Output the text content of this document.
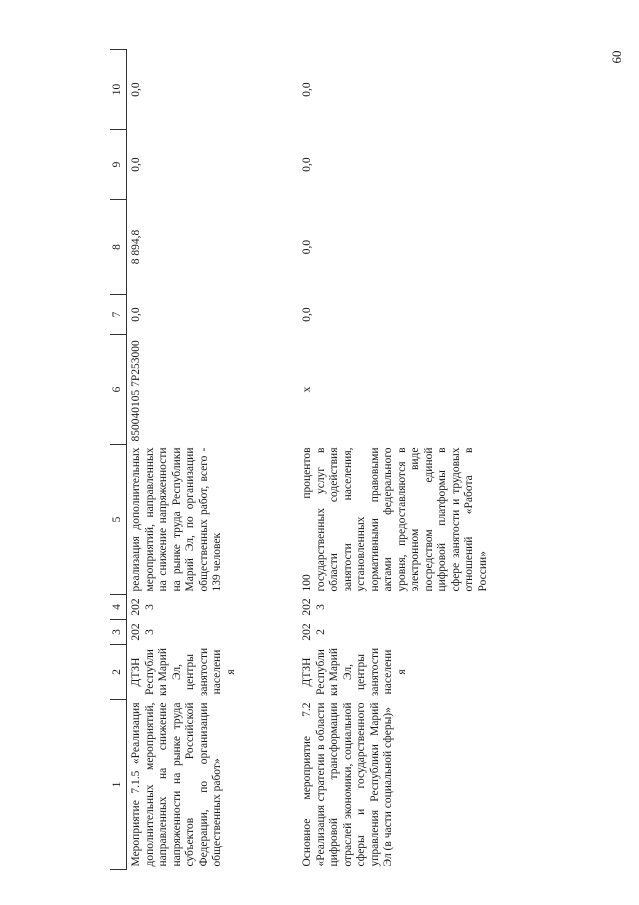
60
1	2	3	4	5	6	7	8	9	10
Мероприятие 7.1.5 «Реализация дополнительных мероприятий, направленных на снижение напряженности на рынке труда субъектов Российской Федерации, по организации общественных работ»	ДТЗН Республики Марий Эл, центры занятости населения	2023	2023	реализация дополнительных мероприятий, направленных на снижение напряженности на рынке труда Республики Марий Эл, по организации общественных работ, всего - 139 человек	850040105 7P253000	0,0	8 894,8	0,0	0,0
Основное мероприятие 7.2 «Реализация стратегии в области цифровой трансформации отраслей экономики, социальной сферы и государственного управления Республики Марий Эл (в части социальной сферы)»	ДТЗН Республики Марий Эл, центры занятости населения	2022	2023	100 процентов государственных услуг в области содействия занятости населения, установленных нормативными правовыми актами федерального уровня, предоставляются в электронном виде посредством единой цифровой платформы в сфере занятости и трудовых отношений «Работа в России»	x	0,0	0,0	0,0	0,0
